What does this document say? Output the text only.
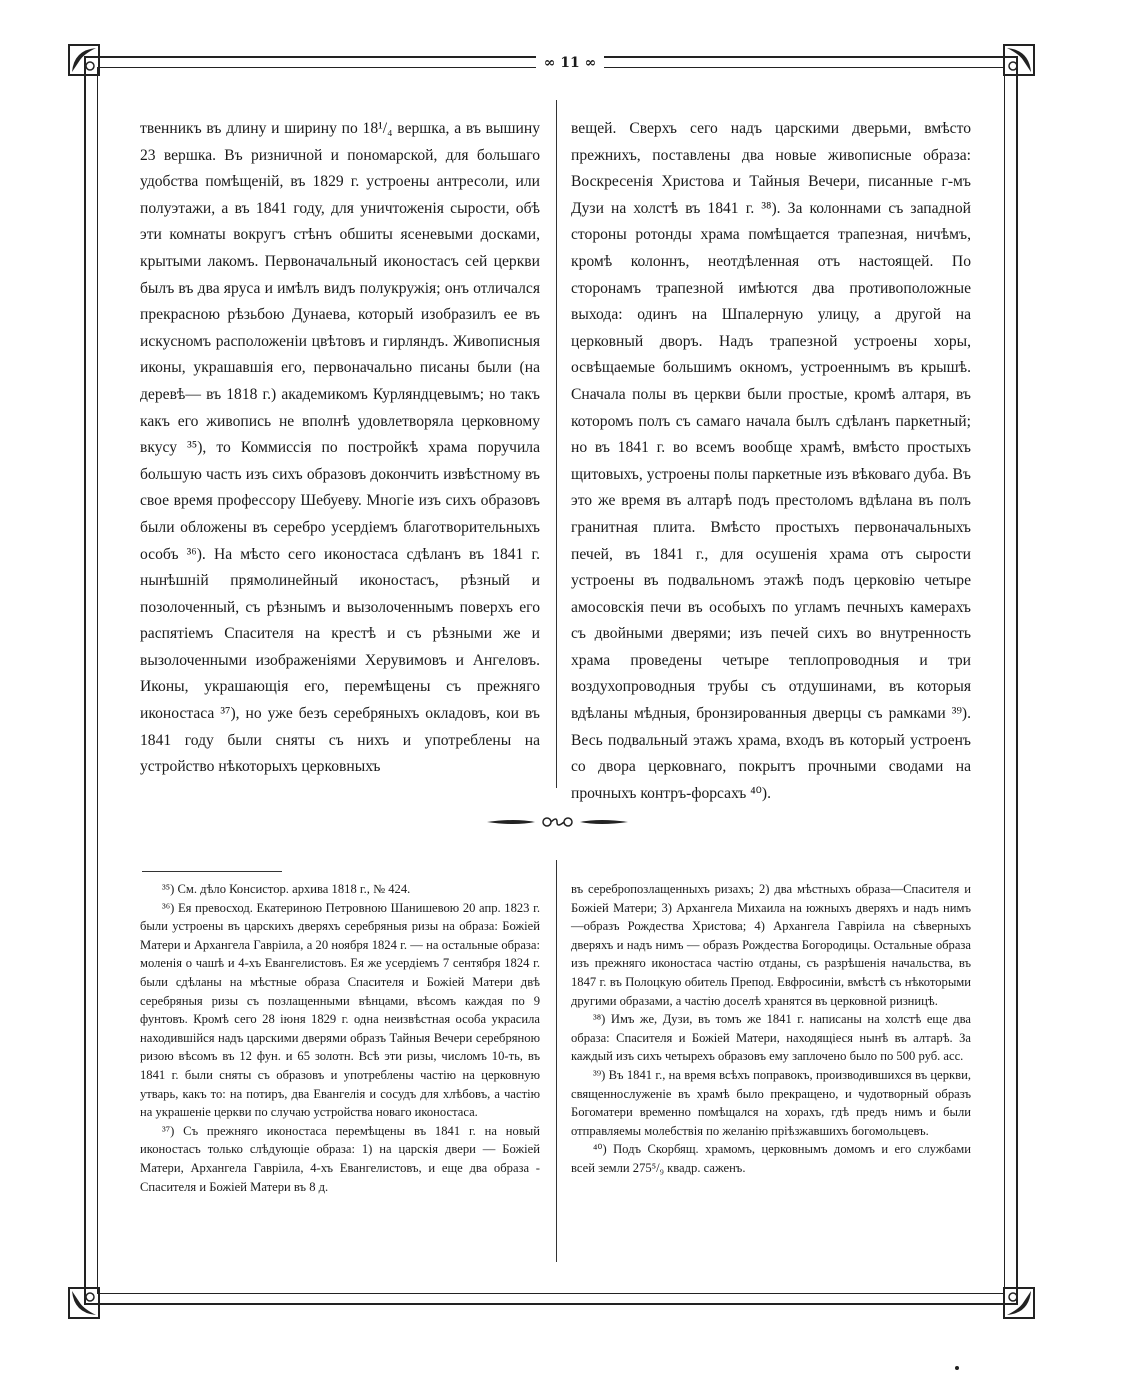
∞ 11 ∞

твенникъ въ длину и ширину по 18¹/₄ вершка, а въ вышину 23 вершка. Въ ризничной и пономарской, для большаго удобства помѣщеній, въ 1829 г. устроены антресоли, или полуэтажи, а въ 1841 году, для уничтоженія сырости, обѣ эти комнаты вокругъ стѣнъ обшиты ясеневыми досками, крытыми лакомъ. Первоначальный иконостасъ сей церкви былъ въ два яруса и имѣлъ видъ полукружія; онъ отличался прекрасною рѣзьбою Дунаева, который изобразилъ ее въ искусномъ расположеніи цвѣтовъ и гирляндъ. Живописныя иконы, украшавшія его, первоначально писаны были (на деревѣ— въ 1818 г.) академикомъ Курляндцевымъ; но такъ какъ его живопись не вполнѣ удовлетворяла церковному вкусу ³⁵), то Коммиссія по постройкѣ храма поручила большую часть изъ сихъ образовъ докончить извѣстному въ свое время профессору Шебуеву. Многіе изъ сихъ образовъ были обложены въ серебро усердіемъ благотворительныхъ особъ ³⁶). На мѣсто сего иконостаса сдѣланъ въ 1841 г. нынѣшній прямолинейный иконостасъ, рѣзный и позолоченный, съ рѣзнымъ и вызолоченнымъ поверхъ его распятіемъ Спасителя на крестѣ и съ рѣзными же и вызолоченными изображеніями Херувимовъ и Ангеловъ. Иконы, украшающія его, перемѣщены съ прежняго иконостаса ³⁷), но уже безъ серебряныхъ окладовъ, кои въ 1841 году были сняты съ нихъ и употреблены на устройство нѣкоторыхъ церковныхъ

вещей. Сверхъ сего надъ царскими дверьми, вмѣсто прежнихъ, поставлены два новые живописные образа: Воскресенія Христова и Тайныя Вечери, писанные г-мъ Дузи на холстѣ въ 1841 г. ³⁸). За колоннами съ западной стороны ротонды храма помѣщается трапезная, ничѣмъ, кромѣ колоннъ, неотдѣленная отъ настоящей. По сторонамъ трапезной имѣются два противоположные выхода: одинъ на Шпалерную улицу, а другой на церковный дворъ. Надъ трапезной устроены хоры, освѣщаемые большимъ окномъ, устроеннымъ въ крышѣ. Сначала полы въ церкви были простые, кромѣ алтаря, въ которомъ полъ съ самаго начала былъ сдѣланъ паркетный; но въ 1841 г. во всемъ вообще храмѣ, вмѣсто простыхъ щитовыхъ, устроены полы паркетные изъ вѣковаго дуба. Въ это же время въ алтарѣ подъ престоломъ вдѣлана въ полъ гранитная плита. Вмѣсто простыхъ первоначальныхъ печей, въ 1841 г., для осушенія храма отъ сырости устроены въ подвальномъ этажѣ подъ церковію четыре амосовскія печи въ особыхъ по угламъ печныхъ камерахъ съ двойными дверями; изъ печей сихъ во внутренность храма проведены четыре теплопроводныя и три воздухопроводныя трубы съ отдушинами, въ которыя вдѣланы мѣдныя, бронзированныя дверцы съ рамками ³⁹). Весь подвальный этажъ храма, входъ въ который устроенъ со двора церковнаго, покрытъ прочными сводами на прочныхъ контръ-форсахъ ⁴⁰).

³⁵) См. дѣло Консистор. архива 1818 г., № 424.

³⁶) Ея превосход. Екатериною Петровною Шанишевою 20 апр. 1823 г. были устроены въ царскихъ дверяхъ серебряныя ризы на образа: Божіей Матери и Архангела Гавріила, а 20 ноября 1824 г. — на остальные образа: моленія о чашѣ и 4-хъ Евангелистовъ. Ея же усердіемъ 7 сентября 1824 г. были сдѣланы на мѣстные образа Спасителя и Божіей Матери двѣ серебряныя ризы съ позлащенными вѣнцами, вѣсомъ каждая по 9 фунтовъ. Кромѣ сего 28 іюня 1829 г. одна неизвѣстная особа украсила находившійся надъ царскими дверями образъ Тайныя Вечери серебряною ризою вѣсомъ въ 12 фун. и 65 золотн. Всѣ эти ризы, числомъ 10-ть, въ 1841 г. были сняты съ образовъ и употреблены частію на церковную утварь, какъ то: на потиръ, два Евангелія и сосудъ для хлѣбовъ, а частію на украшеніе церкви по случаю устройства новаго иконостаса.

³⁷) Съ прежняго иконостаса перемѣщены въ 1841 г. на новый иконостасъ только слѣдующіе образа: 1) на царскія двери — Божіей Матери, Архангела Гавріила, 4-хъ Евангелистовъ, и еще два образа - Спасителя и Божіей Матери въ 8 д.

въ серебропозлащенныхъ ризахъ; 2) два мѣстныхъ образа—Спасителя и Божіей Матери; 3) Архангела Михаила на южныхъ дверяхъ и надъ нимъ—образъ Рождества Христова; 4) Архангела Гавріила на сѣверныхъ дверяхъ и надъ нимъ — образъ Рождества Богородицы. Остальные образа изъ прежняго иконостаса частію отданы, съ разрѣшенія начальства, въ 1847 г. въ Полоцкую обитель Препод. Евфросиніи, вмѣстѣ съ нѣкоторыми другими образами, а частію доселѣ хранятся въ церковной ризницѣ.

³⁸) Имъ же, Дузи, въ томъ же 1841 г. написаны на холстѣ еще два образа: Спасителя и Божіей Матери, находящіеся нынѣ въ алтарѣ. За каждый изъ сихъ четырехъ образовъ ему заплочено было по 500 руб. асс.

³⁹) Въ 1841 г., на время всѣхъ поправокъ, производившихся въ церкви, священнослуженіе въ храмѣ было прекращено, и чудотворный образъ Богоматери временно помѣщался на хорахъ, гдѣ предъ нимъ и были отправляемы молебствія по желанію пріѣзжавшихъ богомольцевъ.

⁴⁰) Подъ Скорбящ. храмомъ, церковнымъ домомъ и его службами всей земли 275⁵/₉ квадр. саженъ.
